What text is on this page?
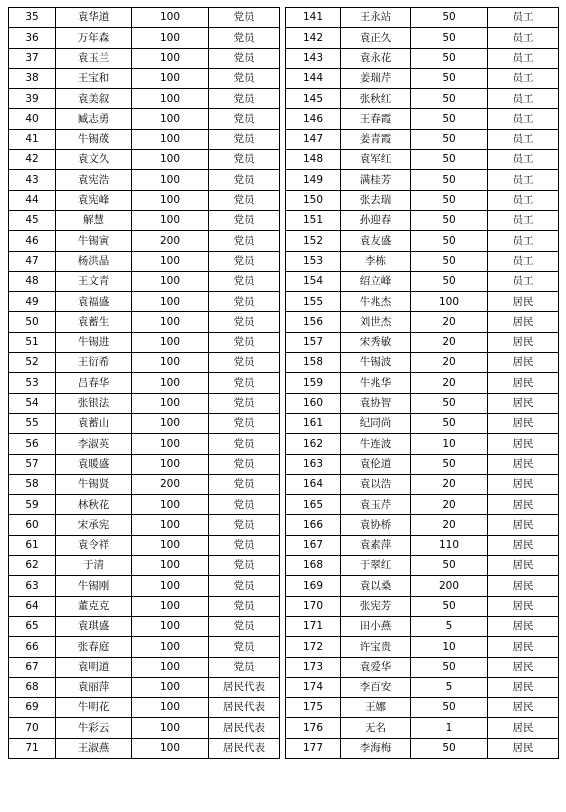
35	袁华道	100	党员
36	万年森	100	党员
37	袁玉兰	100	党员
38	王宝和	100	党员
39	袁美叙	100	党员
40	臧志勇	100	党员
41	牛锡荿	100	党员
42	袁文久	100	党员
43	袁宪浩	100	党员
44	袁宪峰	100	党员
45	解慧	100	党员
46	牛锡寅	200	党员
47	杨洪晶	100	党员
48	王文青	100	党员
49	袁福盛	100	党员
50	袁蓄生	100	党员
51	牛锡进	100	党员
52	王衍希	100	党员
53	吕春华	100	党员
54	张银法	100	党员
55	袁蓄山	100	党员
56	李淑英	100	党员
57	袁暖盛	100	党员
58	牛锡贤	200	党员
59	林秋花	100	党员
60	宋承宪	100	党员
61	袁令祥	100	党员
62	于清	100	党员
63	牛锡刚	100	党员
64	董克克	100	党员
65	袁琪盛	100	党员
66	张春庭	100	党员
67	袁明道	100	党员
68	袁丽萍	100	居民代表
69	牛明花	100	居民代表
70	牛彩云	100	居民代表
71	王淑燕	100	居民代表
141	王永站	50	员工
142	袁正久	50	员工
143	袁永花	50	员工
144	姜瑞芹	50	员工
145	张秋红	50	员工
146	王春霞	50	员工
147	姜青霞	50	员工
148	袁军红	50	员工
149	满桂芳	50	员工
150	张去瑞	50	员工
151	孙迎春	50	员工
152	袁友盛	50	员工
153	李栋	50	员工
154	绍立峰	50	员工
155	牛兆杰	100	居民
156	刘世杰	20	居民
157	宋秀敏	20	居民
158	牛锡波	20	居民
159	牛兆华	20	居民
160	袁协智	50	居民
161	纪同尚	50	居民
162	牛连波	10	居民
163	袁伦道	50	居民
164	袁以浩	20	居民
165	袁玉芹	20	居民
166	袁协桥	20	居民
167	袁素萍	110	居民
168	于翠红	50	居民
169	袁以桑	200	居民
170	张宪芳	50	居民
171	田小燕	5	居民
172	许宝贵	10	居民
173	袁爱华	50	居民
174	李百安	5	居民
175	王娜	50	居民
176	无名	1	居民
177	李海梅	50	居民
